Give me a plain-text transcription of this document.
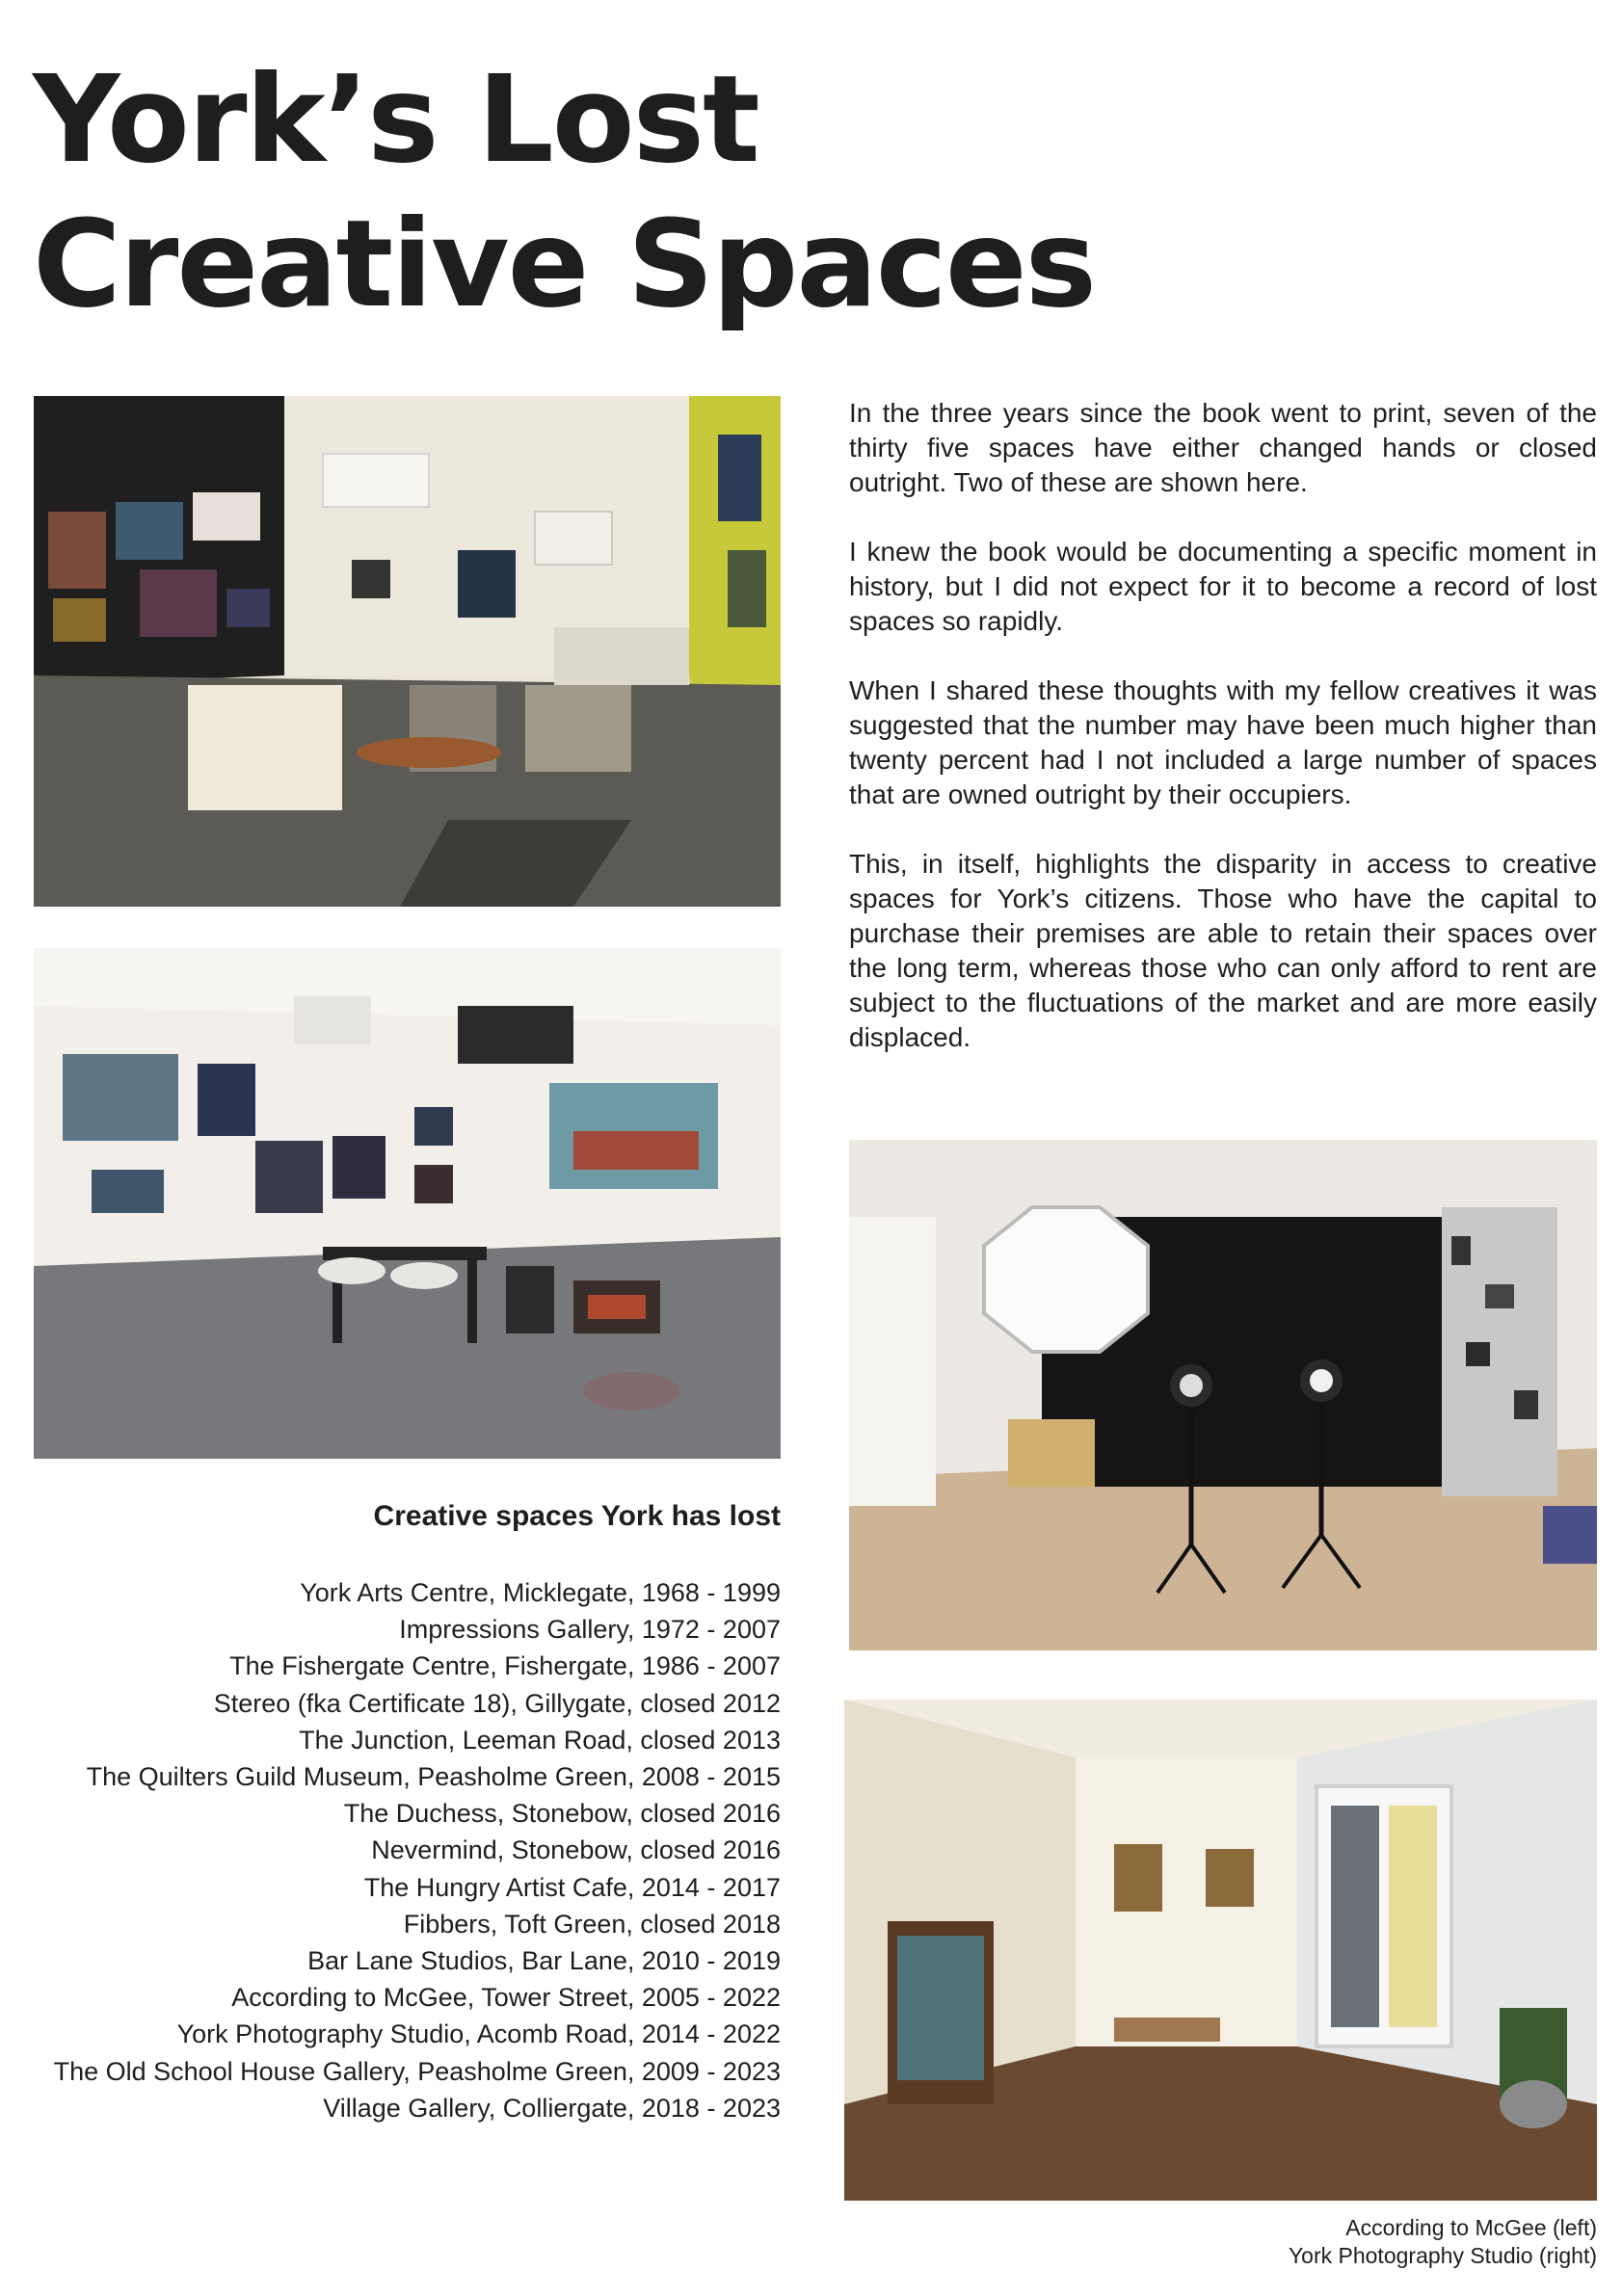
York’s Lost Creative Spaces

In the three years since the book went to print, seven of the thirty five spaces have either changed hands or closed outright. Two of these are shown here.

I knew the book would be documenting a specific moment in history, but I did not expect for it to become a record of lost spaces so rapidly.

When I shared these thoughts with my fellow creatives it was suggested that the number may have been much higher than twenty percent had I not included a large number of spaces that are owned outright by their occupiers.

This, in itself, highlights the disparity in access to creative spaces for York’s citizens. Those who have the capital to purchase their premises are able to retain their spaces over the long term, whereas those who can only afford to rent are subject to the fluctuations of the market and are more easily displaced.

Creative spaces York has lost
York Arts Centre, Micklegate, 1968 - 1999
Impressions Gallery, 1972 - 2007
The Fishergate Centre, Fishergate, 1986 - 2007
Stereo (fka Certificate 18), Gillygate, closed 2012
The Junction, Leeman Road, closed 2013
The Quilters Guild Museum, Peasholme Green, 2008 - 2015
The Duchess, Stonebow, closed 2016
Nevermind, Stonebow, closed 2016
The Hungry Artist Cafe, 2014 - 2017
Fibbers, Toft Green, closed 2018
Bar Lane Studios, Bar Lane, 2010 - 2019
According to McGee, Tower Street, 2005 - 2022
York Photography Studio, Acomb Road, 2014 - 2022
The Old School House Gallery, Peasholme Green, 2009 - 2023
Village Gallery, Colliergate, 2018 - 2023
According to McGee (left)
York Photography Studio (right)
